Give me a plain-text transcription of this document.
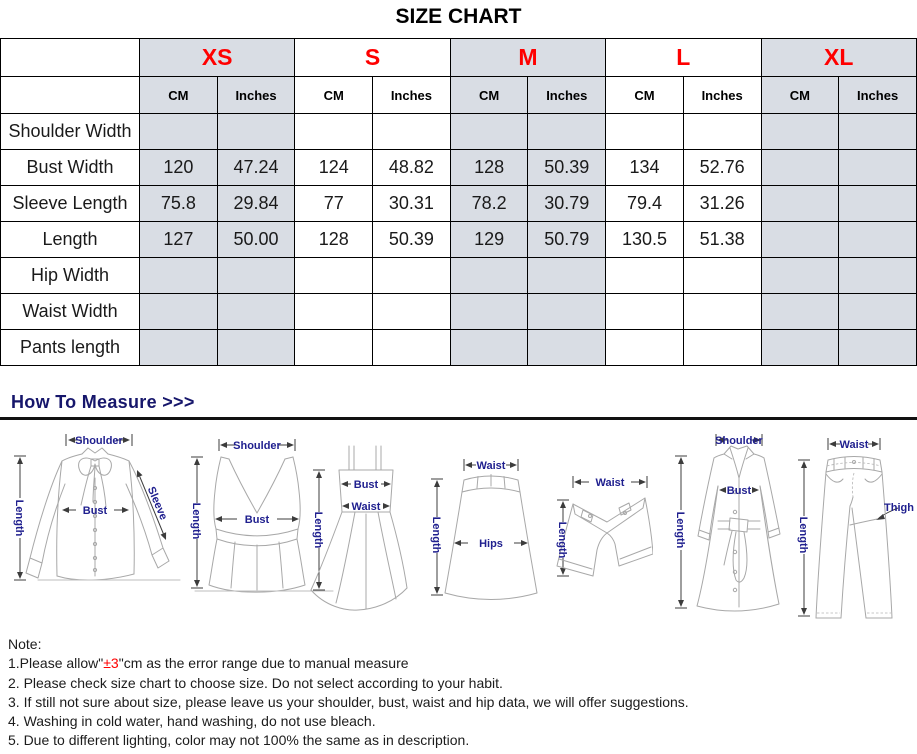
SIZE CHART
	XS		S		M		L		XL	
	CM	Inches	CM	Inches	CM	Inches	CM	Inches	CM	Inches
Shoulder Width										
Bust Width	120	47.24	124	48.82	128	50.39	134	52.76		
Sleeve Length	75.8	29.84	77	30.31	78.2	30.79	79.4	31.26		
Length	127	50.00	128	50.39	129	50.79	130.5	51.38		
Hip Width										
Waist Width										
Pants length										
How To Measure >>>
Shoulder
Length	Bust	Sleeve
Shoulder
Length	Bust	Length
Bust
Waist
Waist
Length	Hips
Waist
Length
Shoulder
Length
Bust
Waist
Length
Thigh
Note:
1.Please allow"±3"cm as the error range due to manual measure
2. Please check size chart to choose size. Do not select according to your habit.
3. If still not sure about size, please leave us your shoulder, bust, waist and hip data, we will offer suggestions.
4. Washing in cold water, hand washing, do not use bleach.
5. Due to different lighting, color may not 100% the same as in description.
